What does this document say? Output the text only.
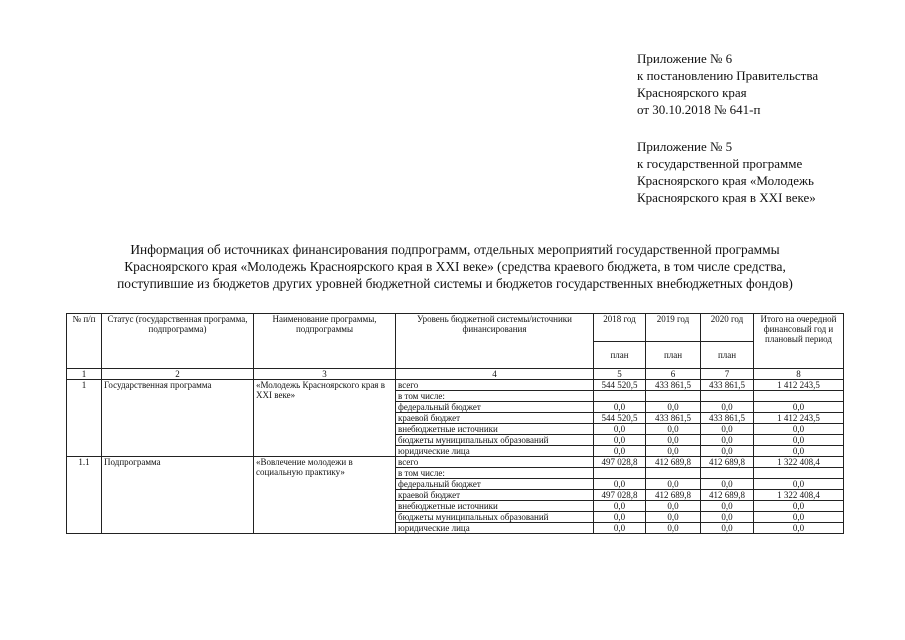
Приложение № 6
к постановлению Правительства
Красноярского края
от 30.10.2018 № 641-п
Приложение № 5
к государственной программе
Красноярского края «Молодежь
Красноярского края в XXI веке»
Информация об источниках финансирования подпрограмм, отдельных мероприятий государственной программы
Красноярского края «Молодежь Красноярского края в XXI веке» (средства краевого бюджета, в том числе средства,
поступившие из бюджетов других уровней бюджетной системы и бюджетов государственных внебюджетных фондов)
№ п/п	Статус (государственная программа, подпрограмма)	Наименование программы, подпрограммы	Уровень бюджетной системы/источники финансирования	2018 год	2019 год	2020 год	Итого на очередной финансовый год и плановый период
				план	план	план	
1	2	3	4	5	6	7	8
1	Государственная программа	«Молодежь Красноярского края в XXI веке»	всего	544 520,5	433 861,5	433 861,5	1 412 243,5
			в том числе:				
			федеральный бюджет	0,0	0,0	0,0	0,0
			краевой бюджет	544 520,5	433 861,5	433 861,5	1 412 243,5
			внебюджетные источники	0,0	0,0	0,0	0,0
			бюджеты муниципальных образований	0,0	0,0	0,0	0,0
			юридические лица	0,0	0,0	0,0	0,0
1.1	Подпрограмма	«Вовлечение молодежи в социальную практику»	всего	497 028,8	412 689,8	412 689,8	1 322 408,4
			в том числе:				
			федеральный бюджет	0,0	0,0	0,0	0,0
			краевой бюджет	497 028,8	412 689,8	412 689,8	1 322 408,4
			внебюджетные источники	0,0	0,0	0,0	0,0
			бюджеты муниципальных образований	0,0	0,0	0,0	0,0
			юридические лица	0,0	0,0	0,0	0,0
